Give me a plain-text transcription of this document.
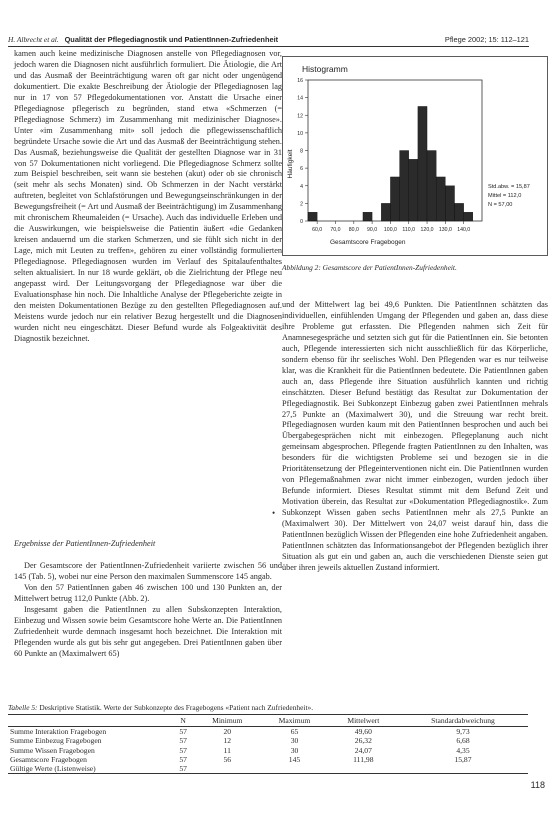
H. Albrecht et al. Qualität der Pflegediagnostik und PatientInnen-Zufriedenheit	Pflege 2002; 15: 112–121

kamen auch keine medizinische Diagnosen anstelle von Pflegediagnosen vor, jedoch waren die Diagnosen nicht ausführlich formuliert. Die Ätiologie, die Art und das Ausmaß der Beeinträchtigung waren oft gar nicht oder ungenügend dokumentiert. Die exakte Beschreibung der Ätiologie der Pflegediagnosen lag nur in 17 von 57 Pflegedokumentationen vor. Anstatt die Ursache einer Pflegediagnose pflegerisch zu begründen, stand etwa «Schmerzen (= Pflegediagnose Schmerz) im Zusammenhang mit medizinischer Diagnose». Unter «im Zusammenhang mit» soll jedoch die pflegewissenschaftlich begründete Ursache sowie die Art und das Ausmaß der Beeinträchtigung stehen. Das Ausmaß, beziehungsweise die Qualität der gestellten Diagnose war in 31 von 57 Dokumentationen nicht vorliegend. Die Pflegediagnose Schmerz sollte zum Beispiel beschreiben, seit wann sie bestehen (akut) oder ob sie chronisch (seit mehr als sechs Monaten) sind. Ob Schmerzen in der Nacht verstärkt auftreten, begleitet von Schlafstörungen und Bewegungseinschränkungen in der Bewegungsfreiheit (= Art und Ausmaß der Beeinträchtigung) im Zusammenhang mit chronischem Rheumaleiden (= Ursache). Auch das individuelle Erleben und die Auswirkungen, wie beispielsweise die Patientin äußert «die Gedanken kreisen andauernd um die starken Schmerzen, und sie fühlt sich nicht in der Lage, mich mit Leuten zu treffen», gehören zu einer vollständig formulierten Pflegediagnose. Pflegediagnosen wurden im Verlauf des Spitalaufenthaltes selten aktualisiert. In nur 18 wurde geklärt, ob die Zielrichtung der Pflege neu angepasst wird. Der Leitungsvorgang der Pflegediagnose war über die Evaluationsphase hin noch. Die Inhaltliche Analyse der Pflegeberichte zeigte in den meisten Dokumentationen Bezüge zu den gestellten Pflegediagnosen auf. Meistens wurde jedoch nur ein relativer Bezug hergestellt und die Diagnosen wurden nicht neu eingeschätzt. Dieser Befund wurde als Folgeaktivität des Diagnostik bezeichnet.

•

Ergebnisse der PatientInnen-Zufriedenheit

Der Gesamtscore der PatientInnen-Zufriedenheit variierte zwischen 56 und 145 (Tab. 5), wobei nur eine Person den maximalen Summenscore 145 angab.

Von den 57 PatientInnen gaben 46 zwischen 100 und 130 Punkten an, der Mittelwert betrug 112,0 Punkte (Abb. 2).

Insgesamt gaben die PatientInnen zu allen Subskonzepten Interaktion, Einbezug und Wissen sowie beim Gesamtscore hohe Werte an. Die PatientInnen Zufriedenheit wurde demnach insgesamt hoch bezeichnet. Die Interaktion mit Pflegenden wurde als gut bis sehr gut angegeben. Drei PatientInnen gaben über 60 Punkte an (Maximalwert 65)

Histogramm
Häufigkeit
Gesamtscore Fragebogen
60,0 70,0 80,0 90,0 100,0 110,0 120,0 130,0 140,0
0
2
4
6
8
10
12
14
16
Std.abw. = 15,87
Mittel = 112,0
N = 57,00
Abbildung 2: Gesamtscore der PatientInnen-Zufriedenheit.

und der Mittelwert lag bei 49,6 Punkten. Die PatientInnen schätzten das individuellen, einfühlenden Umgang der Pflegenden und gaben an, dass diese ihre Probleme gut erfassten. Die Pflegenden nahmen sich Zeit für Anamnesegespräche und setzten sich gut für die PatientInnen ein. Sie betonten auch, Pflegende interessierten sich nicht ausschließlich für das Körperliche, sondern ebenso für ihr seelisches Wohl. Den Pflegenden war es nur teilweise klar, was die Krankheit für die PatientInnen bedeutete. Die PatientInnen gaben auch an, dass Pflegende ihre Situation ausführlich kannten und richtig einschätzten. Dieser Befund bestätigt das Resultat zur Dokumentation der Pflegediagnostik. Bei Subkonzept Einbezug gaben zwei PatientInnen mehrals 27,5 Punkte an (Maximalwert 30), und die Streuung war recht breit. Pflegediagnosen wurden kaum mit den PatientInnen besprochen und auch bei Übergabegesprächen nicht mit einbezogen. Pflegeplanung auch nicht gemeinsam abgesprochen. Pflegende fragten PatientInnen zu den Inhalten, was besonders für die wichtigsten Probleme sei und bezogen sie in die Prioritätensetzung der Pflegeinterventionen nicht ein. Die PatientInnen wurden von Pflegemaßnahmen zwar nicht immer einbezogen, wurden jedoch über Befunde informiert. Dieses Resultat stimmt mit dem Befund Zeit und Motivation überein, das Resultat zur «Dokumentation Pflegediagnostik». Zum Subkonzept Wissen gaben sechs PatientInnen mehr als 27,5 Punkte an (Maximalwert 30). Der Mittelwert von 24,07 weist darauf hin, dass die PatientInnen bezüglich Wissen der Pflegenden eine hohe Zufriedenheit angaben. PatientInnen schätzten das Informationsangebot der Pflegenden bezüglich ihrer Situation als gut ein und gaben an, auch die verschiedenen Dienste seien gut über ihren jeweils aktuellen Zustand informiert.

Tabelle 5: Deskriptive Statistik. Werte der Subkonzepte des Fragebogens «Patient nach Zufriedenheit».
	N	Minimum	Maximum	Mittelwert	Standardabweichung
Summe Interaktion Fragebogen	57	20	65	49,60	9,73
Summe Einbezug Fragebogen	57	12	30	26,32	6,68
Summe Wissen Fragebogen	57	11	30	24,07	4,35
Gesamtscore Fragebogen	57	56	145	111,98	15,87
Gültige Werte (Listenweise)	57				
118
